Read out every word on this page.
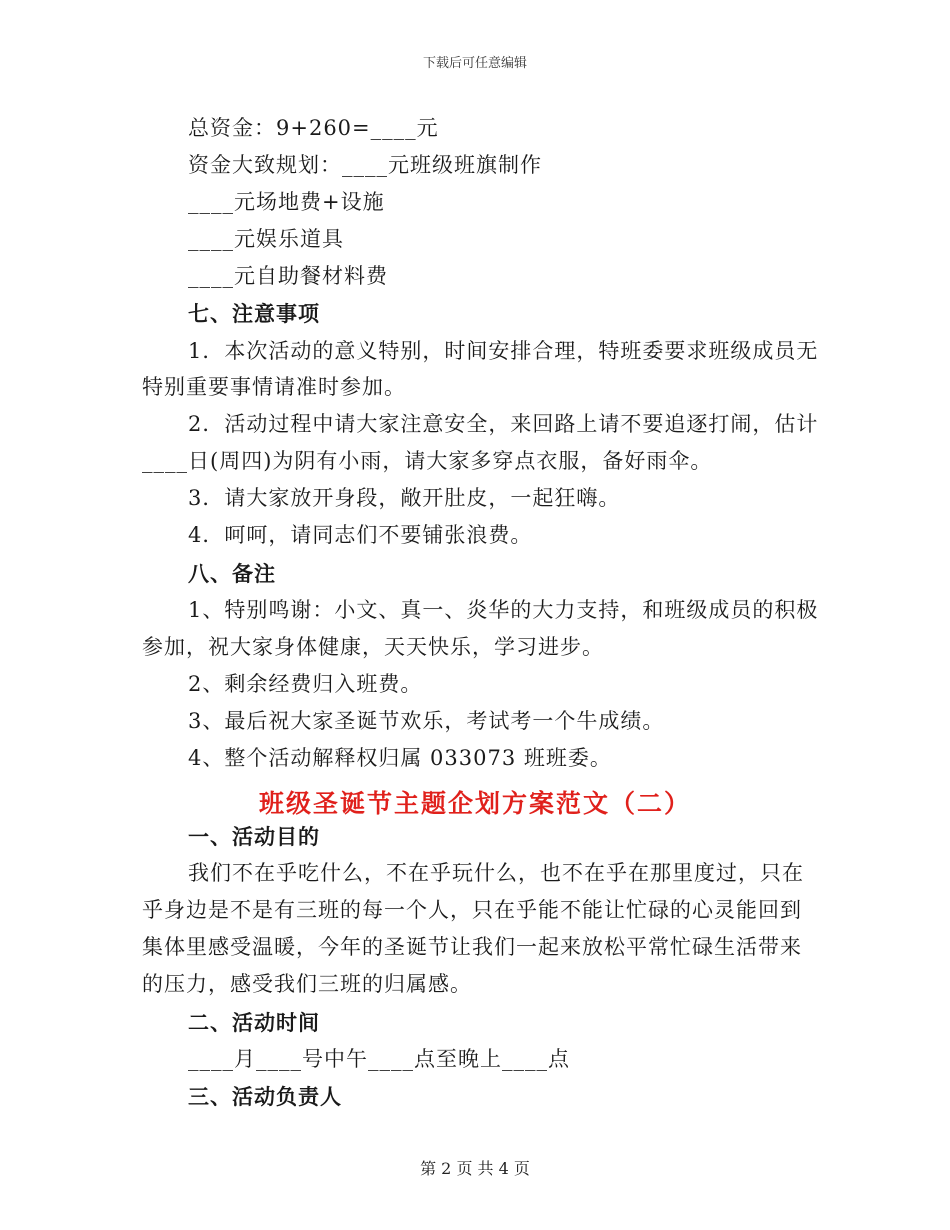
下载后可任意编辑
总资金：9+260=____元
资金大致规划：____元班级班旗制作
____元场地费+设施
____元娱乐道具
____元自助餐材料费
七、注意事项
1．本次活动的意义特别，时间安排合理，特班委要求班级成员无
特别重要事情请准时参加。
2．活动过程中请大家注意安全，来回路上请不要追逐打闹，估计
____日(周四)为阴有小雨，请大家多穿点衣服，备好雨伞。
3．请大家放开身段，敞开肚皮，一起狂嗨。
4．呵呵，请同志们不要铺张浪费。
八、备注
1、特别鸣谢：小文、真一、炎华的大力支持，和班级成员的积极
参加，祝大家身体健康，天天快乐，学习进步。
2、剩余经费归入班费。
3、最后祝大家圣诞节欢乐，考试考一个牛成绩。
4、整个活动解释权归属 033073 班班委。
班级圣诞节主题企划方案范文（二）
一、活动目的
我们不在乎吃什么，不在乎玩什么，也不在乎在那里度过，只在
乎身边是不是有三班的每一个人，只在乎能不能让忙碌的心灵能回到
集体里感受温暖，今年的圣诞节让我们一起来放松平常忙碌生活带来
的压力，感受我们三班的归属感。
二、活动时间
____月____号中午____点至晚上____点
三、活动负责人
第 2 页 共 4 页
